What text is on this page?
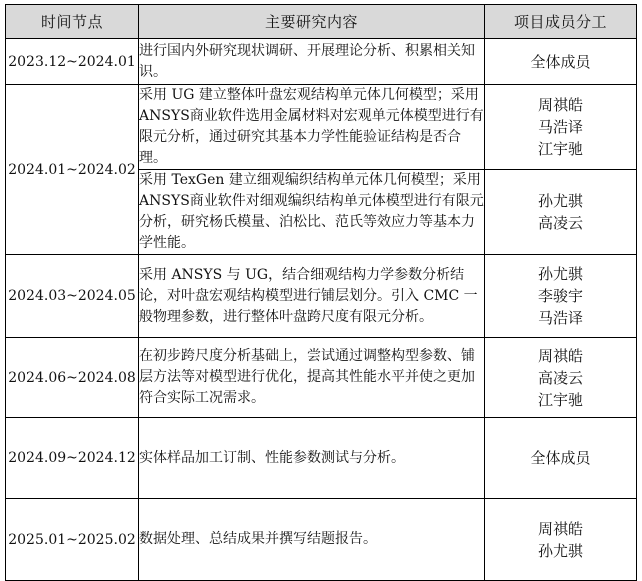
时间节点	主要研究内容	项目成员分工
2023.12~2024.01	进行国内外研究现状调研、开展理论分析、积累相关知识。	全体成员

2024.01~2024.02	采用 UG 建立整体叶盘宏观结构单元体几何模型；采用ANSYS商业软件选用金属材料对宏观单元体模型进行有限元分析，通过研究其基本力学性能验证结构是否合理。	周祺皓
马浩译
江宇驰

	采用 TexGen 建立细观编织结构单元体几何模型；采用ANSYS商业软件对细观编织结构单元体模型进行有限元分析，研究杨氏模量、泊松比、范氏等效应力等基本力学性能。	孙尤骐
高凌云

2024.03~2024.05	采用 ANSYS 与 UG，结合细观结构力学参数分析结论，对叶盘宏观结构模型进行铺层划分。引入 CMC 一般物理参数，进行整体叶盘跨尺度有限元分析。	孙尤骐
李骏宇
马浩译

2024.06~2024.08	在初步跨尺度分析基础上，尝试通过调整构型参数、铺层方法等对模型进行优化，提高其性能水平并使之更加符合实际工况需求。	周祺皓
高凌云
江宇驰

2024.09~2024.12	实体样品加工订制、性能参数测试与分析。	全体成员

2025.01~2025.02	数据处理、总结成果并撰写结题报告。	周祺皓
孙尤骐
